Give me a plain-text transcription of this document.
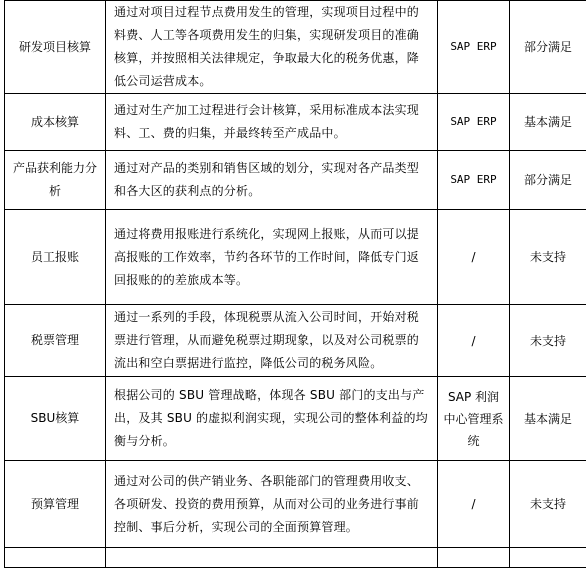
研发项目核算	通过对项目过程节点费用发生的管理，实现项目过程中的料费、人工等各项费用发生的归集，实现研发项目的准确核算，并按照相关法律规定，争取最大化的税务优惠，降低公司运营成本。	SAP ERP	部分满足
成本核算	通过对生产加工过程进行会计核算，采用标准成本法实现料、工、费的归集，并最终转至产成品中。	SAP ERP	基本满足
产品获利能力分析	通过对产品的类别和销售区域的划分，实现对各产品类型和各大区的获利点的分析。	SAP ERP	部分满足
员工报账	通过将费用报账进行系统化，实现网上报账，从而可以提高报账的工作效率，节约各环节的工作时间，降低专门返回报账的的差旅成本等。	/	未支持
税票管理	通过一系列的手段，体现税票从流入公司时间，开始对税票进行管理，从而避免税票过期现象，以及对公司税票的流出和空白票据进行监控，降低公司的税务风险。	/	未支持
SBU核算	根据公司的 SBU 管理战略，体现各 SBU 部门的支出与产出，及其 SBU 的虚拟利润实现，实现公司的整体利益的均衡与分析。	SAP 利润中心管理系统	基本满足
预算管理	通过对公司的供产销业务、各职能部门的管理费用收支、各项研发、投资的费用预算，从而对公司的业务进行事前控制、事后分析，实现公司的全面预算管理。	/	未支持
